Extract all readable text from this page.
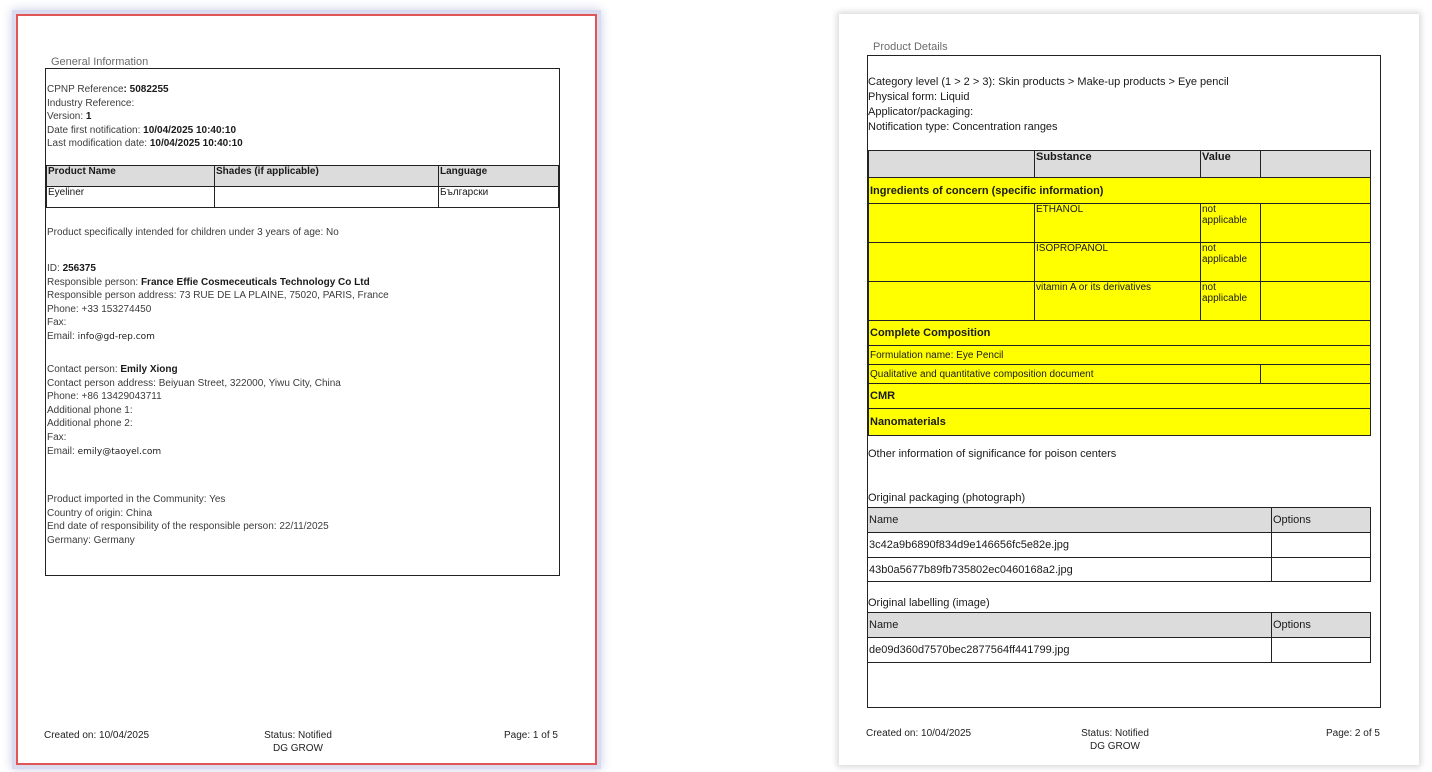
General Information
CPNP Reference: 5082255
Industry Reference:
Version: 1
Date first notification: 10/04/2025 10:40:10
Last modification date: 10/04/2025 10:40:10
Product Name	Shades (if applicable)	Language
Eyeliner		Български
Product specifically intended for children under 3 years of age: No
ID: 256375
Responsible person: France Effie Cosmeceuticals Technology Co Ltd
Responsible person address: 73 RUE DE LA PLAINE, 75020, PARIS, France
Phone: +33 153274450
Fax:
Email: info@gd-rep.com
Contact person: Emily Xiong
Contact person address: Beiyuan Street, 322000, Yiwu City, China
Phone: +86 13429043711
Additional phone 1:
Additional phone 2:
Fax:
Email: emily@taoyel.com
Product imported in the Community: Yes
Country of origin: China
End date of responsibility of the responsible person: 22/11/2025
Germany: Germany
Created on: 10/04/2025	Status: Notified
DG GROW
Page: 1 of 5
Product Details
Category level (1 > 2 > 3): Skin products > Make-up products > Eye pencil
Physical form: Liquid
Applicator/packaging:
Notification type: Concentration ranges
	Substance	Value	
Ingredients of concern (specific information)			
	ETHANOL	not applicable	
	ISOPROPANOL	not applicable	
	vitamin A or its derivatives	not applicable	
Complete Composition			
Formulation name: Eye Pencil			
Qualitative and quantitative composition document			
CMR			
Nanomaterials			
Other information of significance for poison centers
Original packaging (photograph)
Name	Options
3c42a9b6890f834d9e146656fc5e82e.jpg	
43b0a5677b89fb735802ec0460168a2.jpg	
Original labelling (image)
Name	Options
de09d360d7570bec2877564ff441799.jpg	
Created on: 10/04/2025	Status: Notified
DG GROW
Page: 2 of 5
